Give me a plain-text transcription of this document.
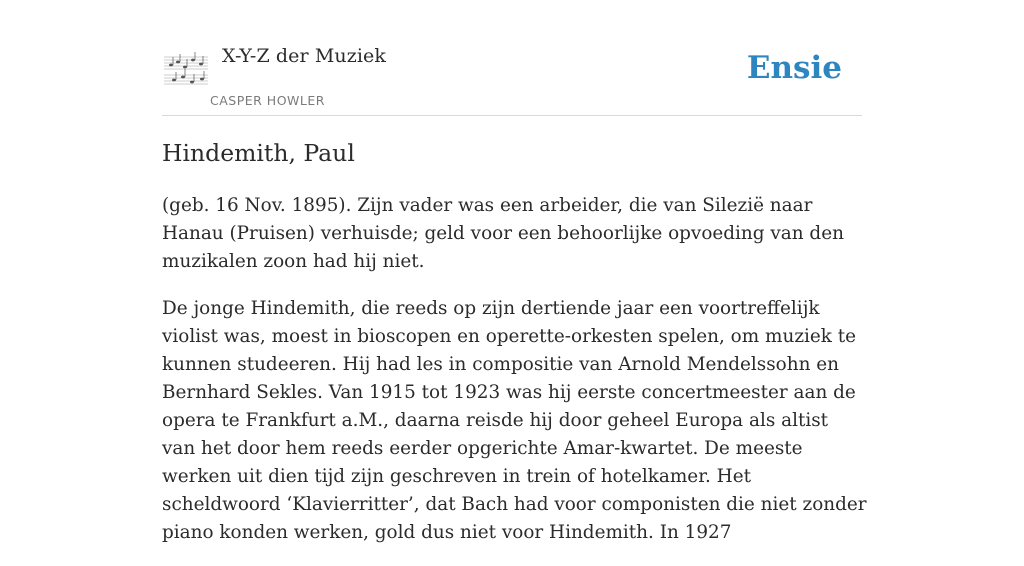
X-Y-Z der Muziek
CASPER HOWLER
Ensie
Hindemith, Paul

(geb. 16 Nov. 1895). Zijn vader was een arbeider, die van Silezië naar Hanau (Pruisen) verhuisde; geld voor een behoorlijke opvoeding van den muzikalen zoon had hij niet.

De jonge Hindemith, die reeds op zijn dertiende jaar een voortreffelijk violist was, moest in bioscopen en operette-orkesten spelen, om muziek te kunnen studeeren. Hij had les in compositie van Arnold Mendelssohn en Bernhard Sekles. Van 1915 tot 1923 was hij eerste concertmeester aan de opera te Frankfurt a.M., daarna reisde hij door geheel Europa als altist van het door hem reeds eerder opgerichte Amar-kwartet. De meeste werken uit dien tijd zijn geschreven in trein of hotelkamer. Het scheldwoord ‘Klavierritter’, dat Bach had voor componisten die niet zonder piano konden werken, gold dus niet voor Hindemith. In 1927
